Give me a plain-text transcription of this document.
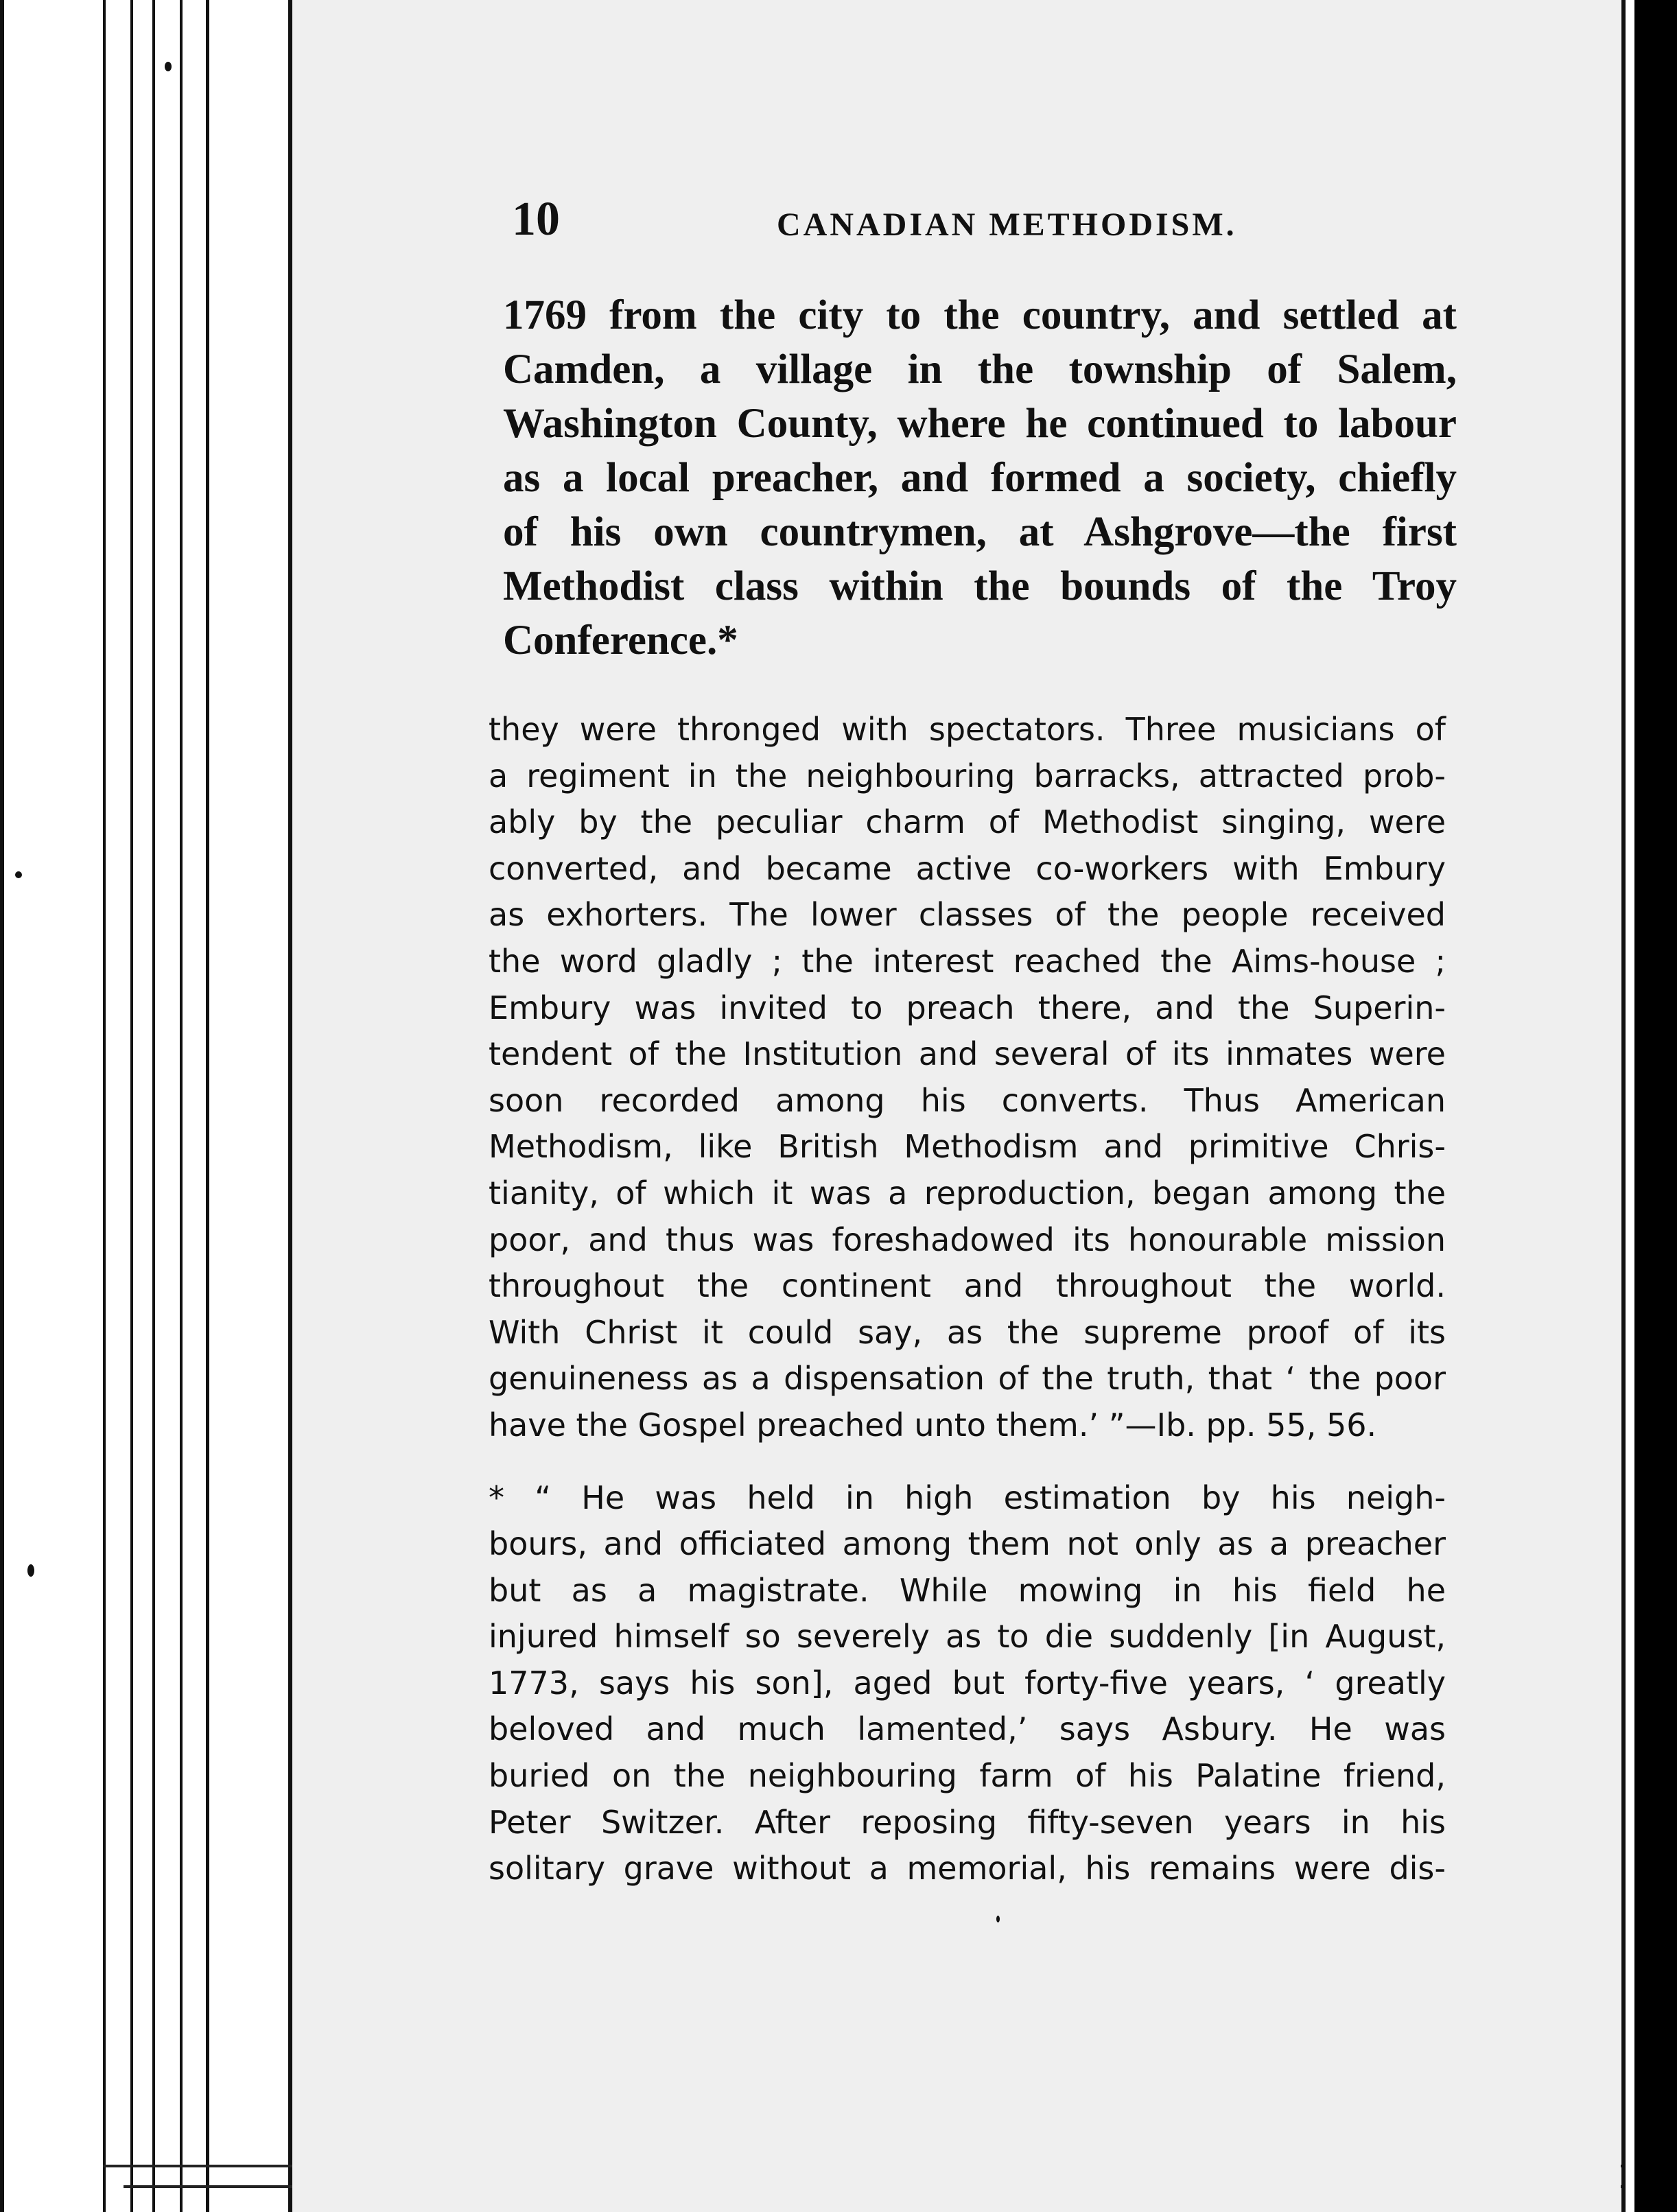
10	CANADIAN METHODISM.
1769 from the city to the country, and settled at
Camden, a village in the township of Salem,
Washington County, where he continued to labour
as a local preacher, and formed a society, chiefly
of his own countrymen, at Ashgrove—the first
Methodist class within the bounds of the Troy
Conference.*
they were thronged with spectators. Three musicians of
a regiment in the neighbouring barracks, attracted prob-
ably by the peculiar charm of Methodist singing, were
converted, and became active co-workers with Embury
as exhorters. The lower classes of the people received
the word gladly ; the interest reached the Aims-house ;
Embury was invited to preach there, and the Superin-
tendent of the Institution and several of its inmates were
soon recorded among his converts. Thus American
Methodism, like British Methodism and primitive Chris-
tianity, of which it was a reproduction, began among the
poor, and thus was foreshadowed its honourable mission
throughout the continent and throughout the world.
With Christ it could say, as the supreme proof of its
genuineness as a dispensation of the truth, that ‘ the poor
have the Gospel preached unto them.’ ”—Ib. pp. 55, 56.
* “ He was held in high estimation by his neigh-
bours, and officiated among them not only as a preacher
but as a magistrate. While mowing in his field he
injured himself so severely as to die suddenly [in August,
1773, says his son], aged but forty-five years, ‘ greatly
beloved and much lamented,’ says Asbury. He was
buried on the neighbouring farm of his Palatine friend,
Peter Switzer. After reposing fifty-seven years in his
solitary grave without a memorial, his remains were dis-
